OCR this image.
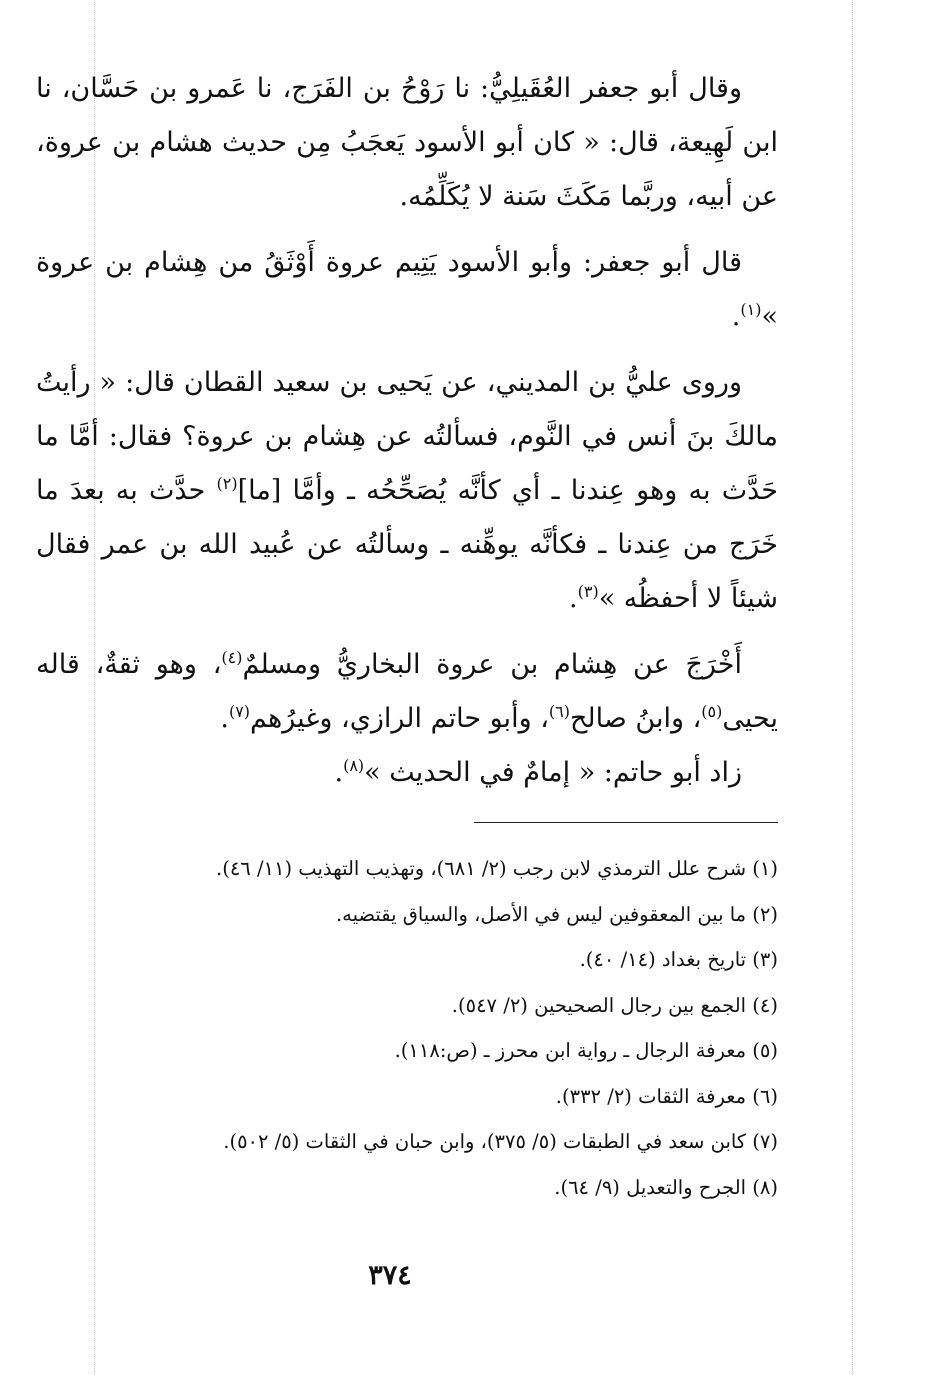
وقال أبو جعفر العُقَيلِيُّ: نا رَوْحُ بن الفَرَج، نا عَمرو بن حَسَّان، نا ابن لَهِيعة، قال: « كان أبو الأسود يَعجَبُ مِن حديث هشام بن عروة، عن أبيه، وربَّما مَكَثَ سَنة لا يُكَلِّمُه.

قال أبو جعفر: وأبو الأسود يَتِيم عروة أَوْثَقُ من هِشام بن عروة »$^{(١)}$.

وروى عليُّ بن المديني، عن يَحيى بن سعيد القطان قال: « رأيتُ مالكَ بنَ أنس في النَّوم، فسألتُه عن هِشام بن عروة؟ فقال: أمَّا ما حَدَّث به وهو عِندنا ـ أي كأنَّه يُصَحِّحُه ـ وأمَّا [ما]$^{(٢)}$ حدَّث به بعدَ ما خَرَج من عِندنا ـ فكأنَّه يوهِّنه ـ وسألتُه عن عُبيد الله بن عمر فقال شيئاً لا أحفظُه »$^{(٣)}$.

أَخْرَجَ عن هِشام بن عروة البخاريُّ ومسلمٌ$^{(٤)}$، وهو ثقةٌ، قاله يحيى$^{(٥)}$، وابنُ صالح$^{(٦)}$، وأبو حاتم الرازي، وغيرُهم$^{(٧)}$.

زاد أبو حاتم: « إمامٌ في الحديث »$^{(٨)}$.

(١) شرح علل الترمذي لابن رجب (٢/ ٦٨١)، وتهذيب التهذيب (١١/ ٤٦).

(٢) ما بين المعقوفين ليس في الأصل، والسياق يقتضيه.

(٣) تاريخ بغداد (١٤/ ٤٠).

(٤) الجمع بين رجال الصحيحين (٢/ ٥٤٧).

(٥) معرفة الرجال ـ رواية ابن محرز ـ (ص:١١٨).

(٦) معرفة الثقات (٢/ ٣٣٢).

(٧) كابن سعد في الطبقات (٥/ ٣٧٥)، وابن حبان في الثقات (٥/ ٥٠٢).

(٨) الجرح والتعديل (٩/ ٦٤).

٣٧٤
